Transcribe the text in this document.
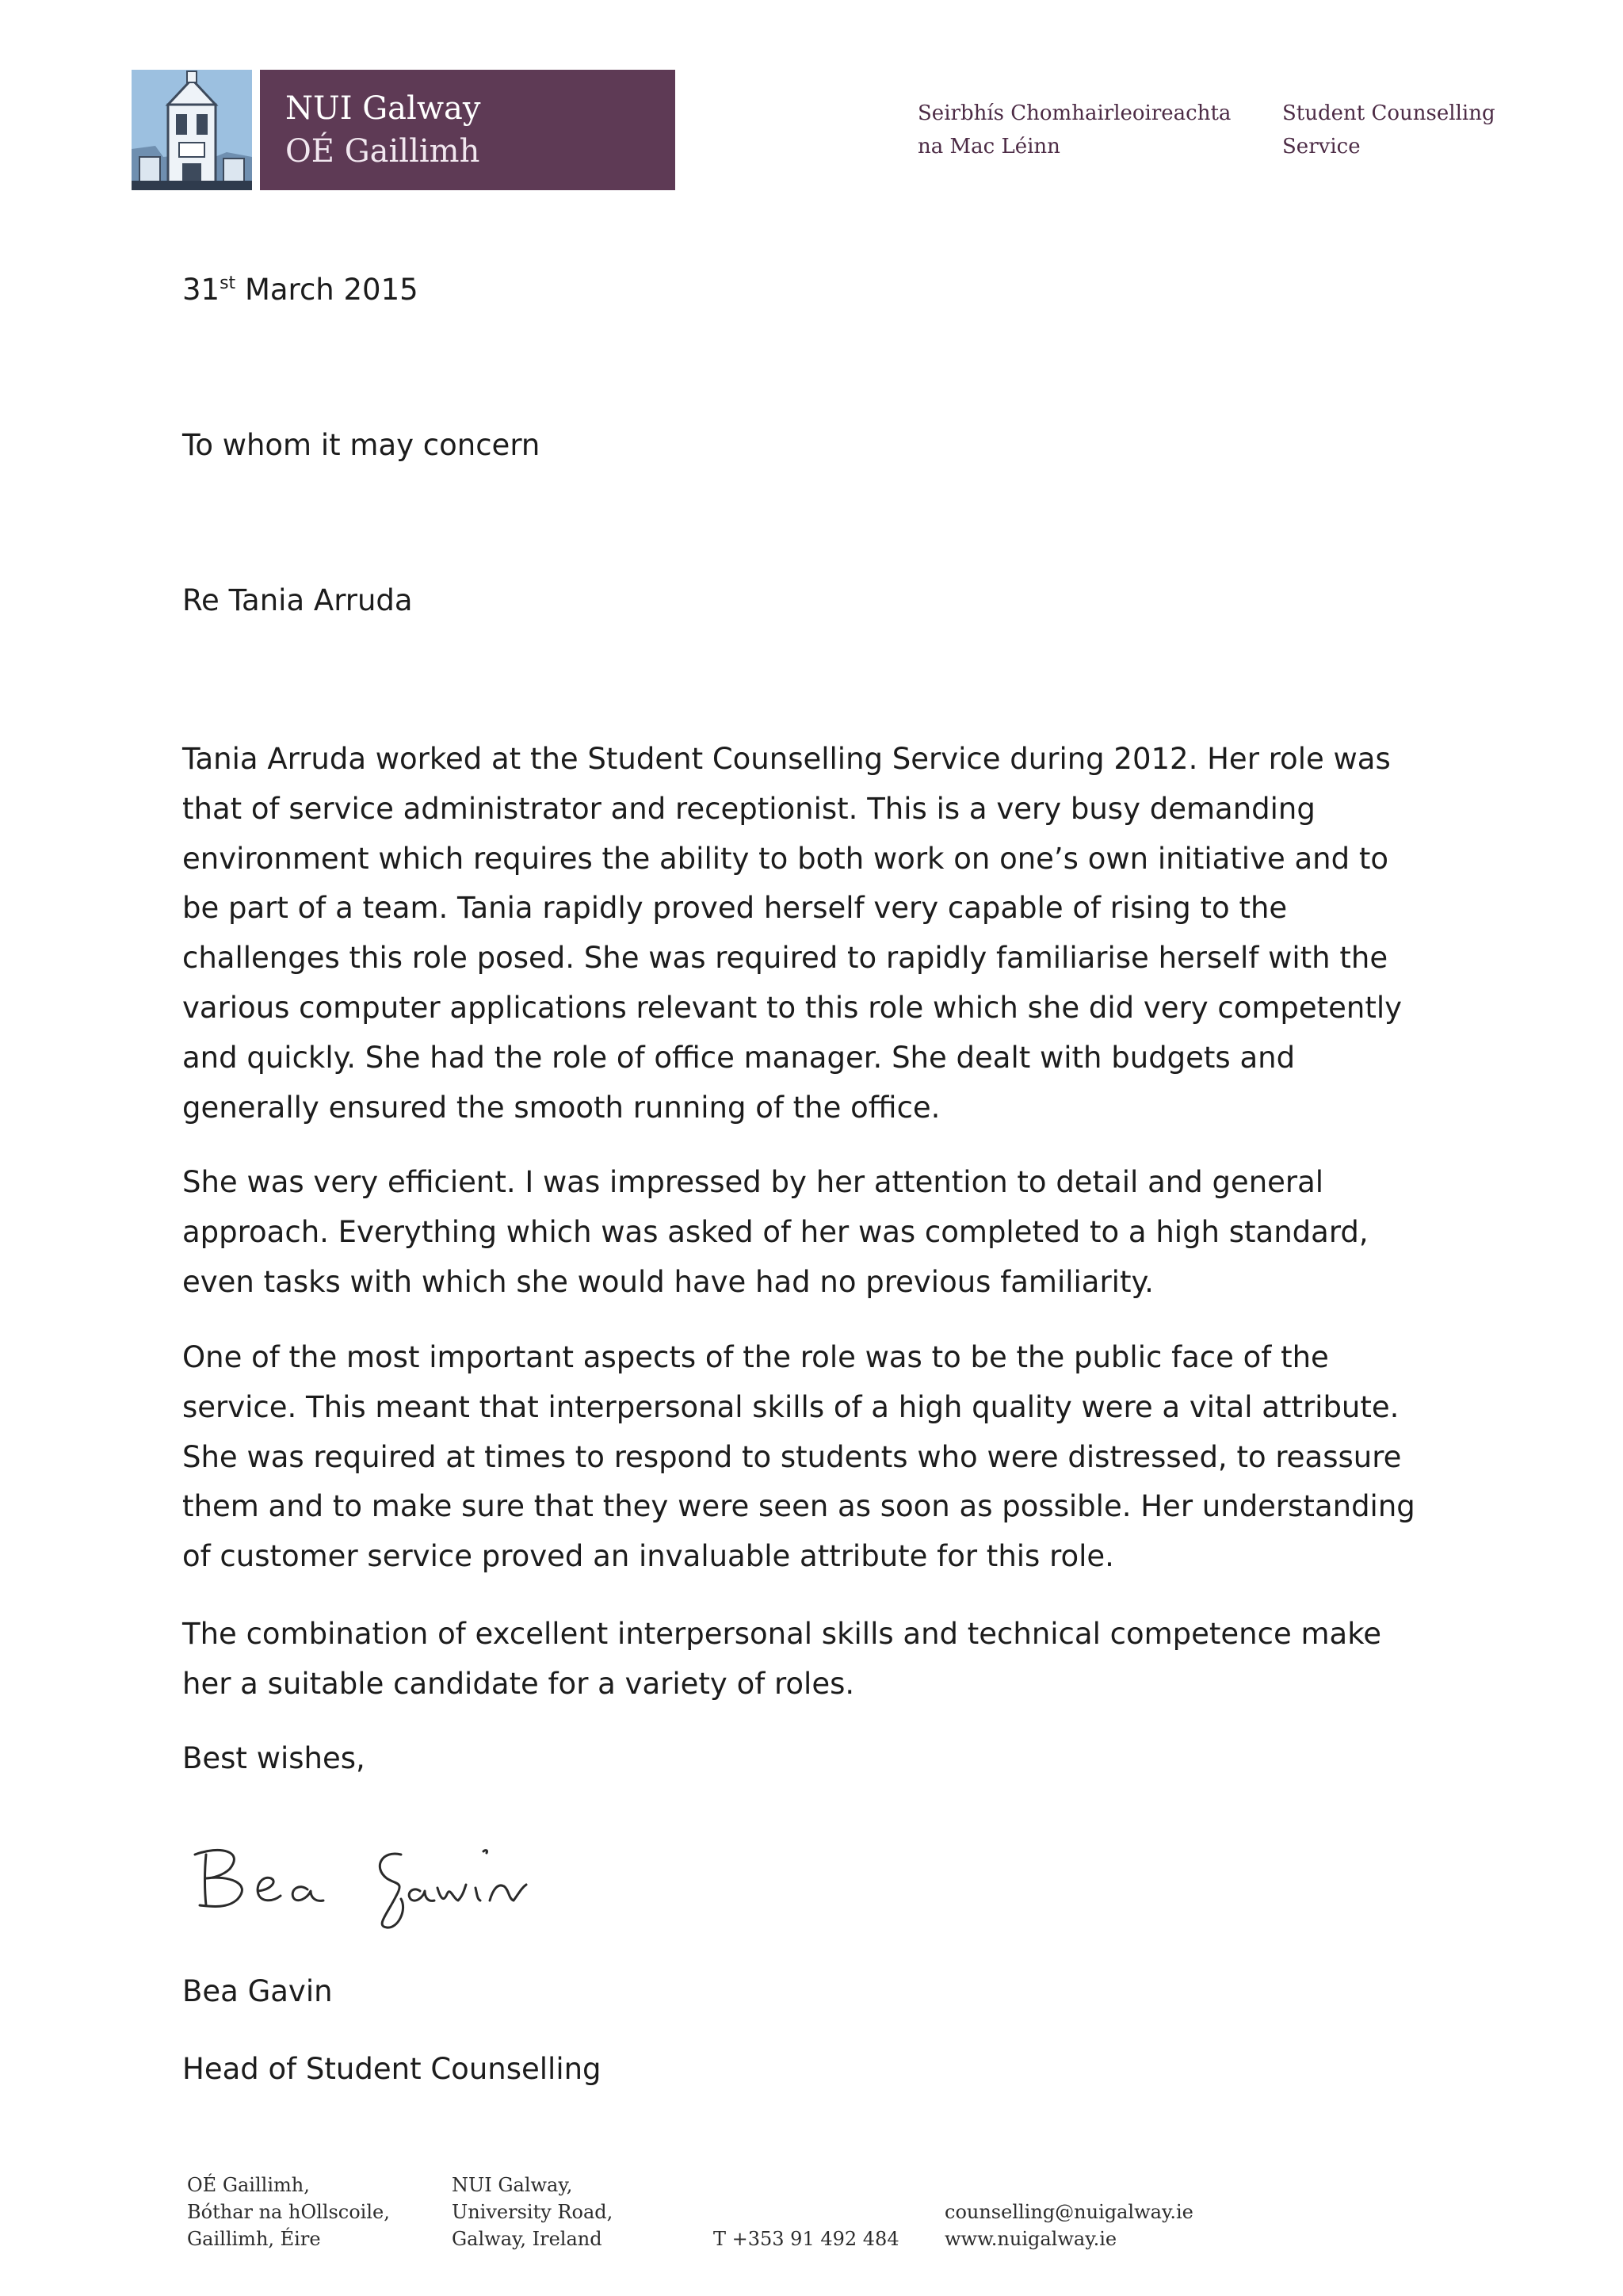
NUI Galway
OÉ Gaillimh
Seirbhís Chomhairleoireachta
na Mac Léinn
Student Counselling
Service
31st March 2015
To whom it may concern
Re Tania Arruda

Tania Arruda worked at the Student Counselling Service during 2012. Her role was that of service administrator and receptionist. This is a very busy demanding environment which requires the ability to both work on one’s own initiative and to be part of a team. Tania rapidly proved herself very capable of rising to the challenges this role posed. She was required to rapidly familiarise herself with the various computer applications relevant to this role which she did very competently and quickly. She had the role of office manager. She dealt with budgets and generally ensured the smooth running of the office.

She was very efficient. I was impressed by her attention to detail and general approach. Everything which was asked of her was completed to a high standard, even tasks with which she would have had no previous familiarity.

One of the most important aspects of the role was to be the public face of the service. This meant that interpersonal skills of a high quality were a vital attribute. She was required at times to respond to students who were distressed, to reassure them and to make sure that they were seen as soon as possible. Her understanding of customer service proved an invaluable attribute for this role.

The combination of excellent interpersonal skills and technical competence make her a suitable candidate for a variety of roles.

Best wishes,
Bea Gavin
Head of Student Counselling
OÉ Gaillimh,
Bóthar na hOllscoile,
Gaillimh, Éire
NUI Galway,
University Road,
Galway, Ireland	T +353 91 492 484
counselling@nuigalway.ie
www.nuigalway.ie
